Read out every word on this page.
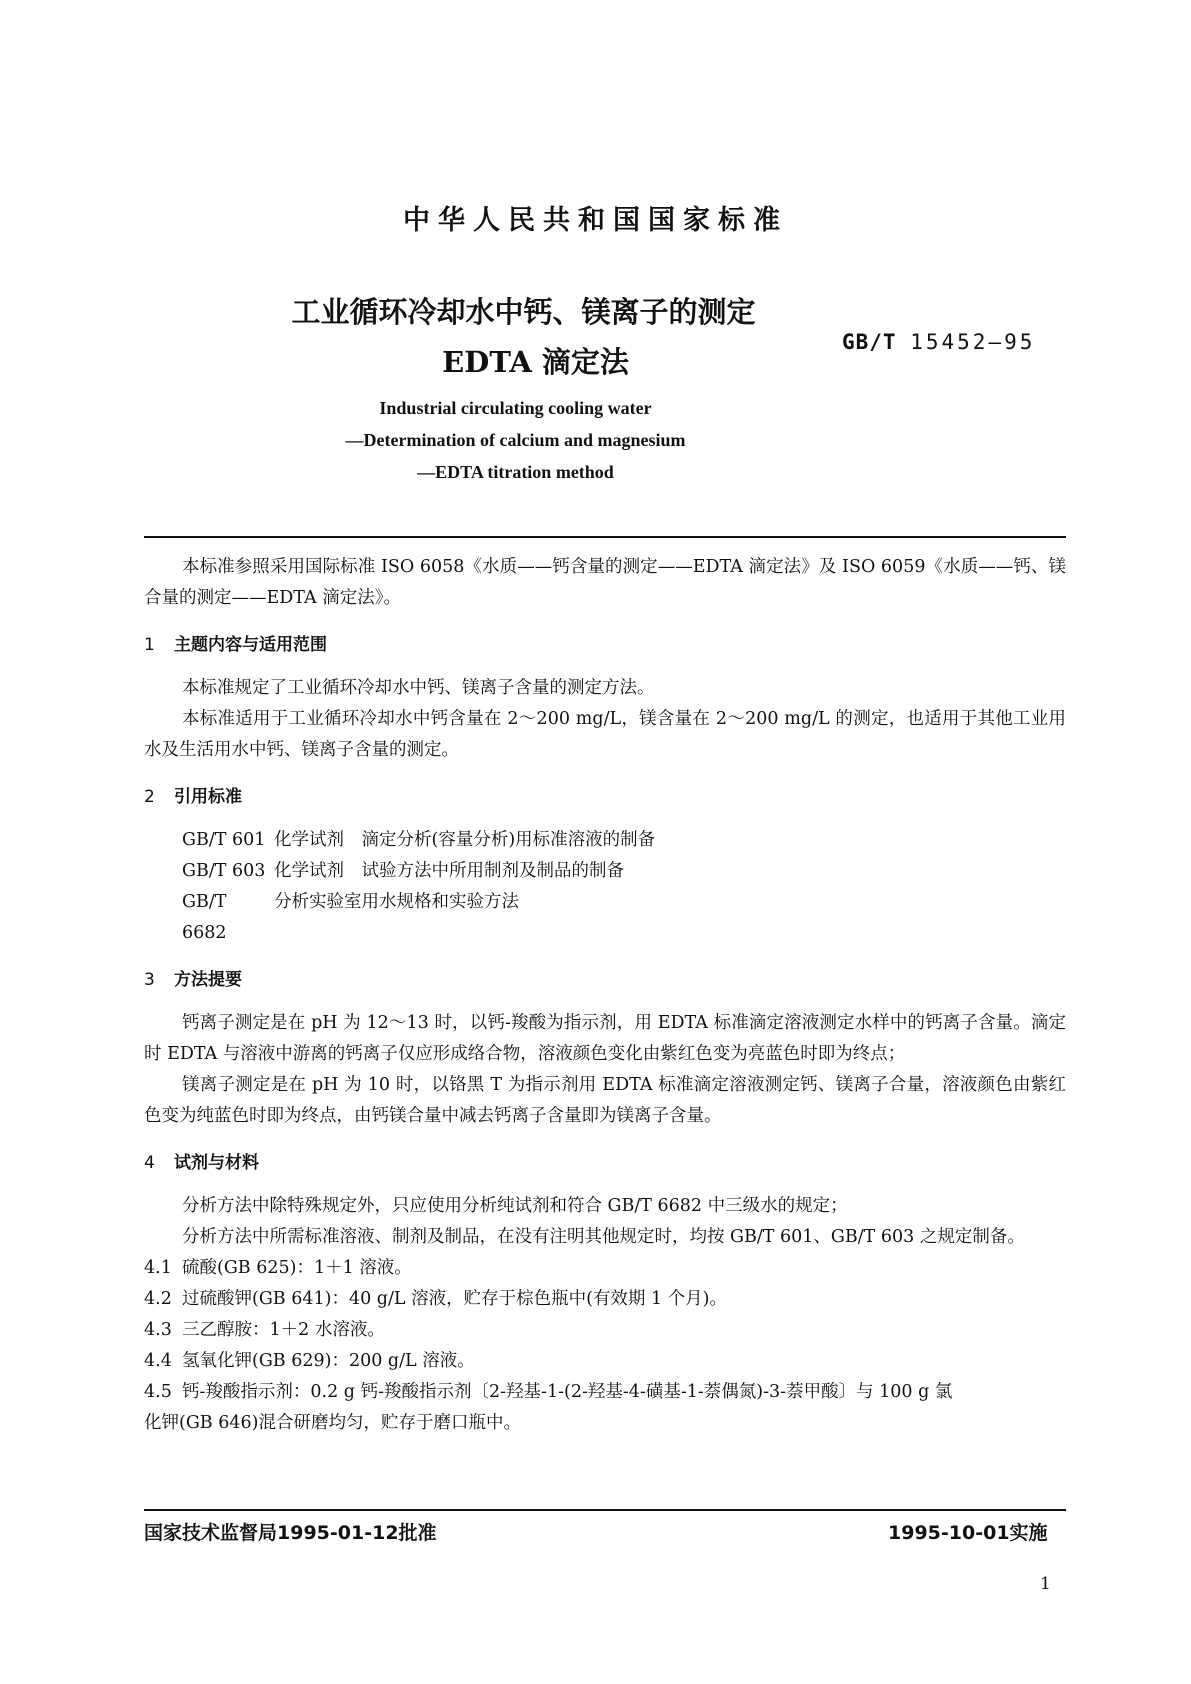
中华人民共和国国家标准
工业循环冷却水中钙、镁离子的测定
EDTA 滴定法
GB/T 15452—95
Industrial circulating cooling water
—Determination of calcium and magnesium
—EDTA titration method

本标准参照采用国际标准 ISO 6058《水质——钙含量的测定——EDTA 滴定法》及 ISO 6059《水质——钙、镁合量的测定——EDTA 滴定法》。

1 主题内容与适用范围

本标准规定了工业循环冷却水中钙、镁离子含量的测定方法。

本标准适用于工业循环冷却水中钙含量在 2～200 mg/L，镁含量在 2～200 mg/L 的测定，也适用于其他工业用水及生活用水中钙、镁离子含量的测定。

2 引用标准
GB/T 601 化学试剂　滴定分析(容量分析)用标准溶液的制备
GB/T 603 化学试剂　试验方法中所用制剂及制品的制备
GB/T 6682
分析实验室用水规格和实验方法
3 方法提要

钙离子测定是在 pH 为 12～13 时，以钙-羧酸为指示剂，用 EDTA 标准滴定溶液测定水样中的钙离子含量。滴定时 EDTA 与溶液中游离的钙离子仅应形成络合物，溶液颜色变化由紫红色变为亮蓝色时即为终点；

镁离子测定是在 pH 为 10 时，以铬黑 T 为指示剂用 EDTA 标准滴定溶液测定钙、镁离子合量，溶液颜色由紫红色变为纯蓝色时即为终点，由钙镁合量中减去钙离子含量即为镁离子含量。

4 试剂与材料

分析方法中除特殊规定外，只应使用分析纯试剂和符合 GB/T 6682 中三级水的规定；

分析方法中所需标准溶液、制剂及制品，在没有注明其他规定时，均按 GB/T 601、GB/T 603 之规定制备。

4.1 硫酸(GB 625)：1＋1 溶液。

4.2 过硫酸钾(GB 641)：40 g/L 溶液，贮存于棕色瓶中(有效期 1 个月)。

4.3 三乙醇胺：1＋2 水溶液。

4.4 氢氧化钾(GB 629)：200 g/L 溶液。

4.5 钙-羧酸指示剂：0.2 g 钙-羧酸指示剂〔2-羟基-1-(2-羟基-4-磺基-1-萘偶氮)-3-萘甲酸〕与 100 g 氯

化钾(GB 646)混合研磨均匀，贮存于磨口瓶中。

国家技术监督局1995-01-12批准	1995-10-01实施
1
